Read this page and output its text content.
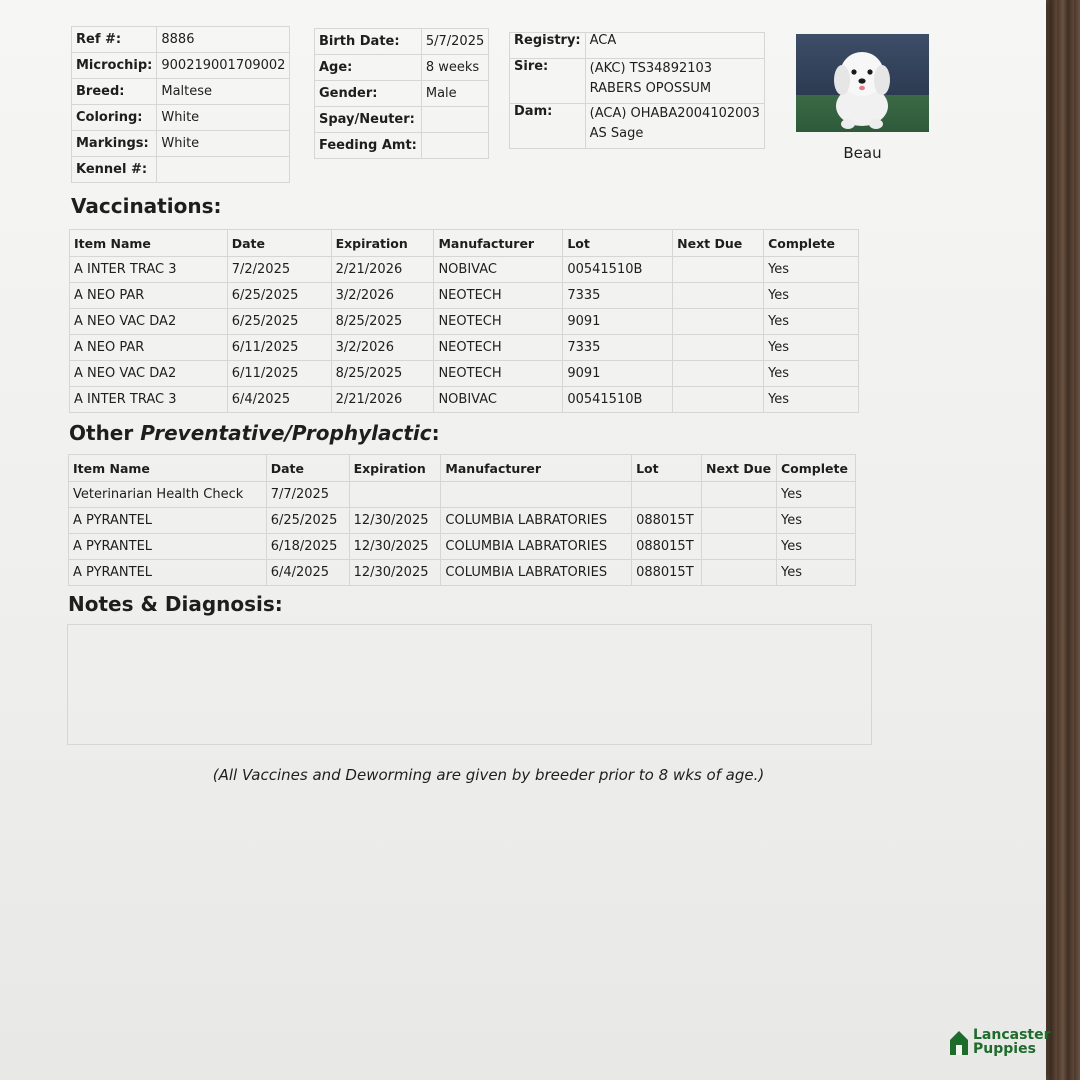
Ref #:	8886
Microchip:	900219001709002
Breed:	Maltese
Coloring:	White
Markings:	White
Kennel #:	
Birth Date:	5/7/2025
Age:	8 weeks
Gender:	Male
Spay/Neuter:	
Feeding Amt:	
Registry:	ACA
Sire:	(AKC) TS34892103
RABERS OPOSSUM

Dam:	(ACA) OHABA2004102003
AS Sage
Beau
Vaccinations:
Item Name	Date	Expiration	Manufacturer	Lot	Next Due	Complete
A INTER TRAC 3	7/2/2025	2/21/2026	NOBIVAC	00541510B		Yes
A NEO PAR	6/25/2025	3/2/2026	NEOTECH	7335		Yes
A NEO VAC DA2	6/25/2025	8/25/2025	NEOTECH	9091		Yes
A NEO PAR	6/11/2025	3/2/2026	NEOTECH	7335		Yes
A NEO VAC DA2	6/11/2025	8/25/2025	NEOTECH	9091		Yes
A INTER TRAC 3	6/4/2025	2/21/2026	NOBIVAC	00541510B		Yes
Other Preventative/Prophylactic:
Item Name	Date	Expiration	Manufacturer	Lot	Next Due	Complete
Veterinarian Health Check	7/7/2025					Yes
A PYRANTEL	6/25/2025	12/30/2025	COLUMBIA LABRATORIES	088015T		Yes
A PYRANTEL	6/18/2025	12/30/2025	COLUMBIA LABRATORIES	088015T		Yes
A PYRANTEL	6/4/2025	12/30/2025	COLUMBIA LABRATORIES	088015T		Yes
Notes & Diagnosis:
(All Vaccines and Deworming are given by breeder prior to 8 wks of age.)
Lancaster
Puppies
